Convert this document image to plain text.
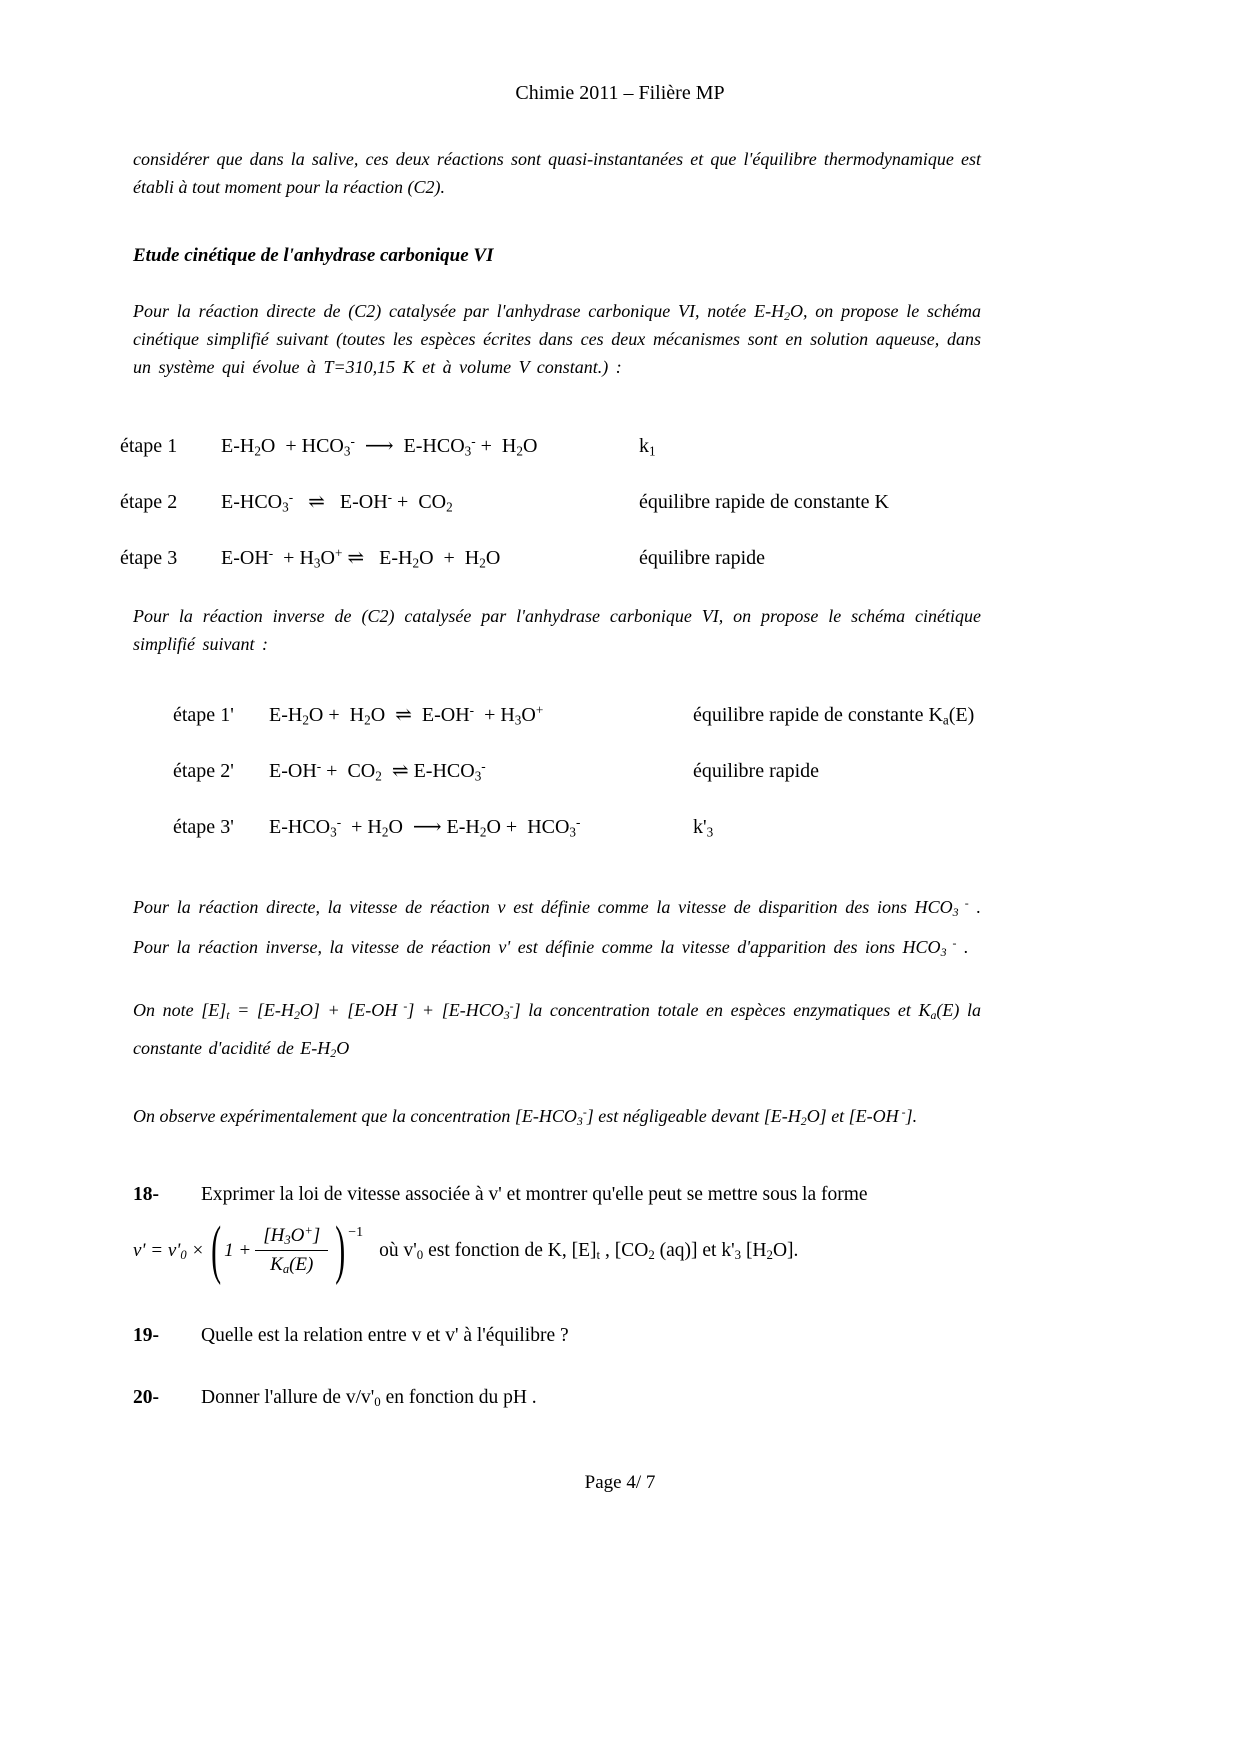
Chimie 2011 – Filière MP

considérer que dans la salive, ces deux réactions sont quasi-instantanées et que l'équilibre thermodynamique est établi à tout moment pour la réaction (C2).

Etude cinétique de l'anhydrase carbonique VI

Pour la réaction directe de (C2) catalysée par l'anhydrase carbonique VI, notée $E-H_2O$, on propose le schéma cinétique simplifié suivant (toutes les espèces écrites dans ces deux mécanismes sont en solution aqueuse, dans un système qui évolue à T=310,15 K et à volume V constant.) :

étape 1	$E-H_2O + HCO_3^-$  ⟶  $E-HCO_3^- + H_2O$	$k_1$
étape 2	$E-HCO_3^-$   ⇌   $E-OH^- + CO_2$	équilibre rapide de constante K
étape 3	$E-OH^- + H_3O^+$ ⇌   $E-H_2O + H_2O$	équilibre rapide

Pour la réaction inverse de (C2) catalysée par l'anhydrase carbonique VI, on propose le schéma cinétique simplifié suivant :

étape 1'	$E-H_2O + H_2O$  ⇌  $E-OH^- + H_3O^+$	équilibre rapide de constante $K_a(E)$
étape 2'	$E-OH^- + CO_2$  ⇌ $E-HCO_3^-$	équilibre rapide
étape 3'	$E-HCO_3^- + H_2O$  ⟶ $E-H_2O + HCO_3^-$	$k'_3$

Pour la réaction directe, la vitesse de réaction v est définie comme la vitesse de disparition des ions $HCO_3$ - . Pour la réaction inverse, la vitesse de réaction v' est définie comme la vitesse d'apparition des ions $HCO_3$ - .

On note $[E]_t = [E-H_2O] + [E-OH$ $^-] + [E-HCO_3^-]$ la concentration totale en espèces enzymatiques et $K_a(E)$ la constante d'acidité de $E-H_2O$

On observe expérimentalement que la concentration $[E-HCO_3^-]$ est négligeable devant $[E-H_2O]$ et [E-OH -].

18-	Exprimer la loi de vitesse associée à v' et montrer qu'elle peut se mettre sous la forme
$v' = v'_0$ × ( $1 + \frac{[H_3O^+]}{K_a(E)}$ ) −1
où $v'_0$ est fonction de K, $[E]_t$ , [$CO_2$ (aq)] et $k'_3$ $[H_2O]$.
19-	Quelle est la relation entre v et v' à l'équilibre ?
20-	Donner l'allure de $v/v'_0$ en fonction du pH .
Page 4/ 7
